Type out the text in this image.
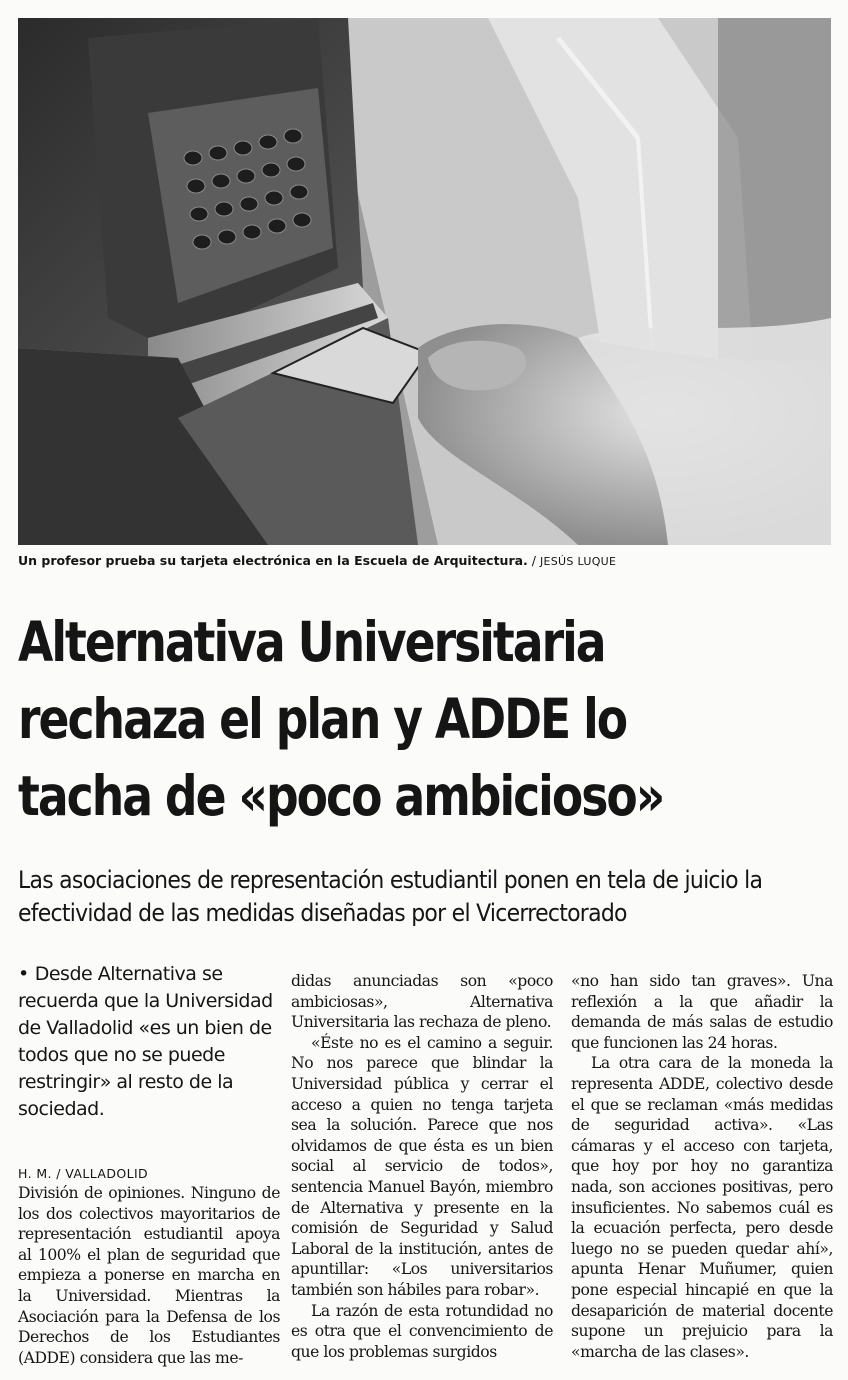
Un profesor prueba su tarjeta electrónica en la Escuela de Arquitectura. / JESÚS LUQUE
Alternativa Universitaria
rechaza el plan y ADDE lo
tacha de «poco ambicioso»

Las asociaciones de representación estudiantil ponen en tela de juicio la efectividad de las medidas diseñadas por el Vicerrectorado

• Desde Alternativa se recuerda que la Universidad de Valladolid «es un bien de todos que no se puede restringir» al resto de la sociedad.

H. M. / VALLADOLID

División de opiniones. Ninguno de los dos colectivos mayoritarios de representación estudiantil apoya al 100% el plan de seguridad que empieza a ponerse en marcha en la Universidad. Mientras la Asociación para la Defensa de los Derechos de los Estudiantes (ADDE) considera que las me-

didas anunciadas son «poco ambiciosas», Alternativa Universitaria las rechaza de pleno.

«Éste no es el camino a seguir. No nos parece que blindar la Universidad pública y cerrar el acceso a quien no tenga tarjeta sea la solución. Parece que nos olvidamos de que ésta es un bien social al servicio de todos», sentencia Manuel Bayón, miembro de Alternativa y presente en la comisión de Seguridad y Salud Laboral de la institución, antes de apuntillar: «Los universitarios también son hábiles para robar».

La razón de esta rotundidad no es otra que el convencimiento de que los problemas surgidos

«no han sido tan graves». Una reflexión a la que añadir la demanda de más salas de estudio que funcionen las 24 horas.

La otra cara de la moneda la representa ADDE, colectivo desde el que se reclaman «más medidas de seguridad activa». «Las cámaras y el acceso con tarjeta, que hoy por hoy no garantiza nada, son acciones positivas, pero insuficientes. No sabemos cuál es la ecuación perfecta, pero desde luego no se pueden quedar ahí», apunta Henar Muñumer, quien pone especial hincapié en que la desaparición de material docente supone un prejuicio para la «marcha de las clases».
